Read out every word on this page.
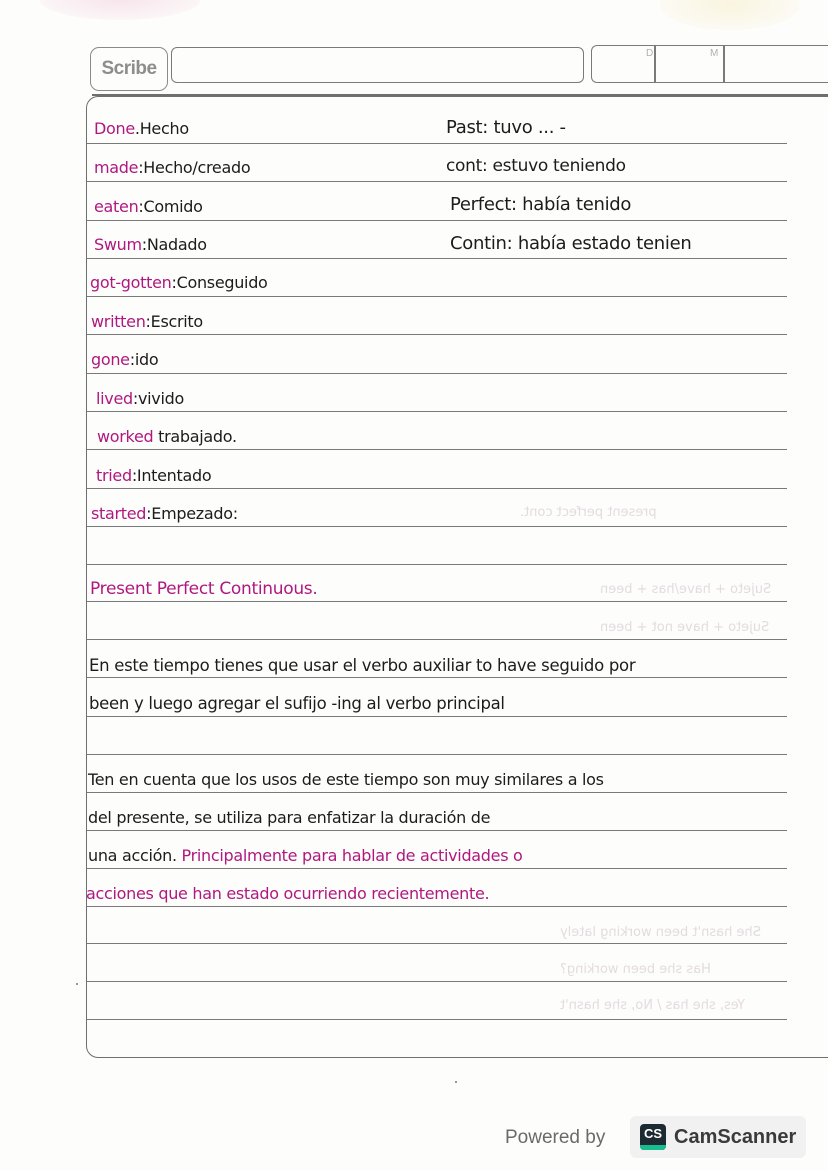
Scribe
D	M
present perfect cont.
Sujeto + have/has + been
Sujeto + have not + been
She hasn't been working lately
Has she been working?
Yes, she has / No, she hasn't
Done.Hecho
made:Hecho/creado
eaten:Comido
Swum:Nadado
got-gotten:Conseguido
written:Escrito
gone:ido
lived:vivido
worked trabajado.
tried:Intentado
started:Empezado:
Past: tuvo ... -
cont: estuvo teniendo
Perfect: había tenido
Contin: había estado tenien
Present Perfect Continuous.
En este tiempo tienes que usar el verbo auxiliar to have seguido por
been y luego agregar el sufijo -ing al verbo principal
Ten en cuenta que los usos de este tiempo son muy similares a los
del presente, se utiliza para enfatizar la duración de
una acción. Principalmente para hablar de actividades o
acciones que han estado ocurriendo recientemente.
Powered by	CS CamScanner
